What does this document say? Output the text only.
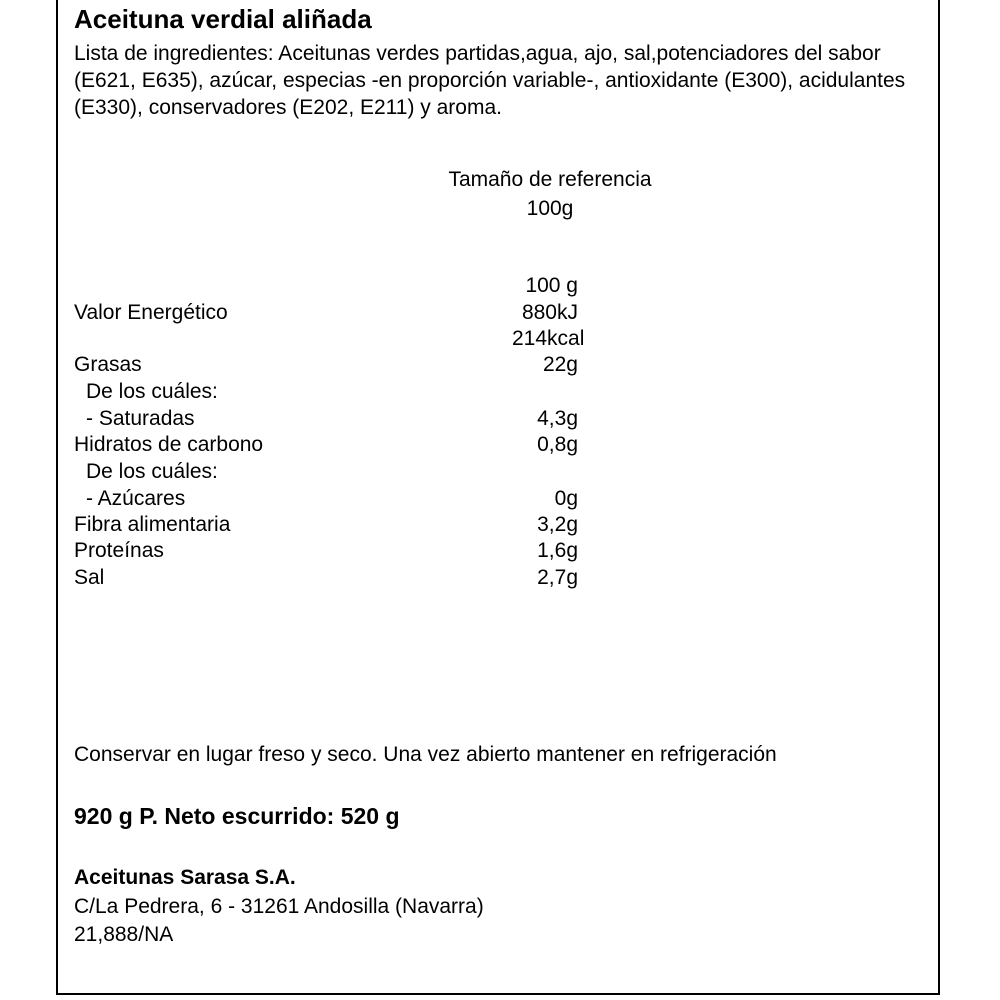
Aceituna verdial aliñada
Lista de ingredientes: Aceitunas verdes partidas,agua, ajo, sal,potenciadores del sabor (E621, E635), azúcar, especias -en proporción variable-, antioxidante (E300), acidulantes (E330), conservadores (E202, E211) y aroma.
Tamaño de referencia
100g
100 g
Valor Energético	880kJ
214kcal
Grasas	22g
De los cuáles:
- Saturadas	4,3g
Hidratos de carbono	0,8g
De los cuáles:
- Azúcares	0g
Fibra alimentaria	3,2g
Proteínas	1,6g
Sal	2,7g
Conservar en lugar freso y seco. Una vez abierto mantener en refrigeración
920 g P. Neto escurrido: 520 g
Aceitunas Sarasa S.A.
C/La Pedrera, 6 - 31261 Andosilla (Navarra)
21,888/NA
